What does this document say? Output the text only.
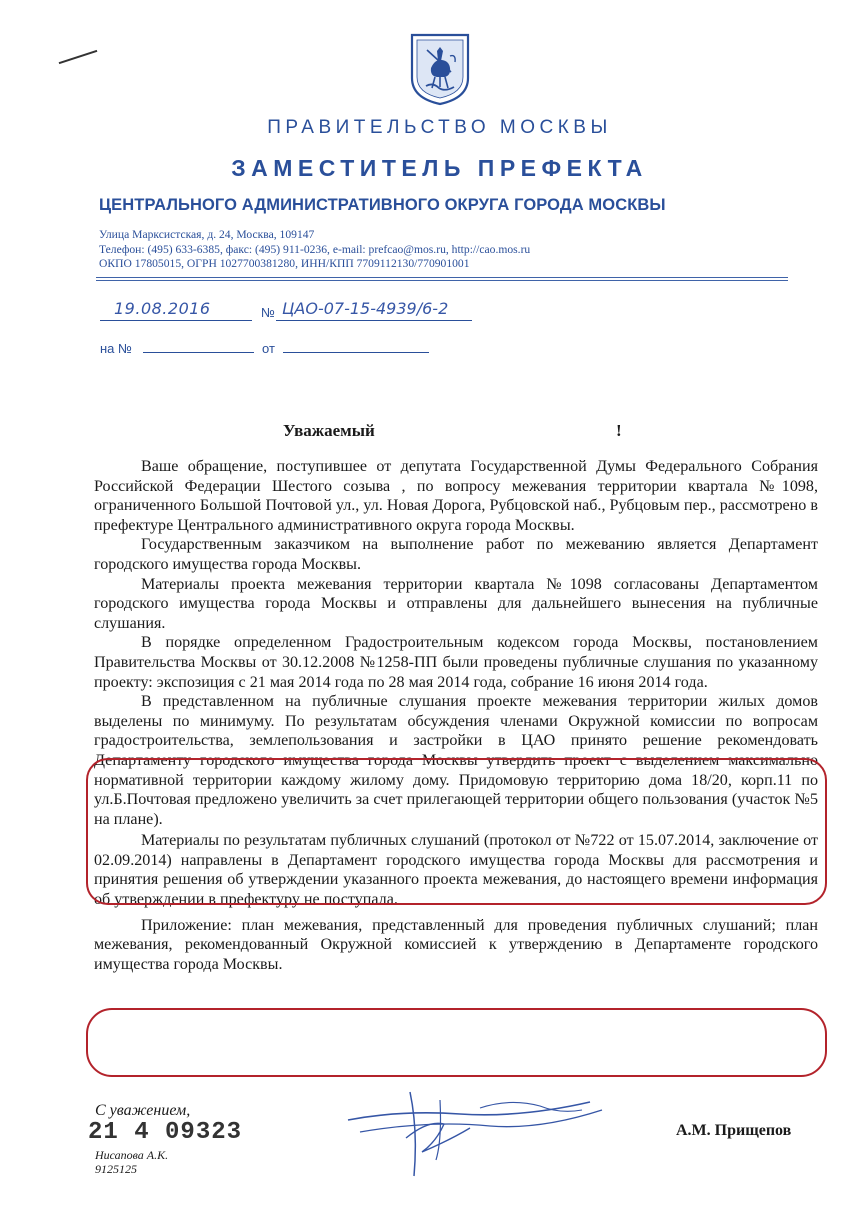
ПРАВИТЕЛЬСТВО МОСКВЫ
ЗАМЕСТИТЕЛЬ ПРЕФЕКТА
ЦЕНТРАЛЬНОГО АДМИНИСТРАТИВНОГО ОКРУГА ГОРОДА МОСКВЫ
Улица Марксистская, д. 24, Москва, 109147
Телефон: (495) 633-6385, факс: (495) 911-0236, e-mail: prefcao@mos.ru, http://cao.mos.ru
ОКПО 17805015, ОГРН 1027700381280, ИНН/КПП 7709112130/770901001
19.08.2016	№ ЦАО-07-15-4939/6-2
на №	от
Уважаемый	!

Ваше обращение, поступившее от депутата Государственной Думы Федерального Собрания Российской Федерации Шестого созыва , по вопросу межевания территории квартала №1098, ограниченного Большой Почтовой ул., ул. Новая Дорога, Рубцовской наб., Рубцовым пер., рассмотрено в префектуре Центрального административного округа города Москвы.

Государственным заказчиком на выполнение работ по межеванию является Департамент городского имущества города Москвы.

Материалы проекта межевания территории квартала №1098 согласованы Департаментом городского имущества города Москвы и отправлены для дальнейшего вынесения на публичные слушания.

В порядке определенном Градостроительным кодексом города Москвы, постановлением Правительства Москвы от 30.12.2008 №1258-ПП были проведены публичные слушания по указанному проекту: экспозиция с 21 мая 2014 года по 28 мая 2014 года, собрание 16 июня 2014 года.

В представленном на публичные слушания проекте межевания территории жилых домов выделены по минимуму. По результатам обсуждения членами Окружной комиссии по вопросам градостроительства, землепользования и застройки в ЦАО принято решение рекомендовать Департаменту городского имущества города Москвы утвердить проект с выделением максимально нормативной территории каждому жилому дому. Придомовую территорию дома 18/20, корп.11 по ул.Б.Почтовая предложено увеличить за счет прилегающей территории общего пользования (участок №5 на плане).

Материалы по результатам публичных слушаний (протокол от №722 от 15.07.2014, заключение от 02.09.2014) направлены в Департамент городского имущества города Москвы для рассмотрения и принятия решения об утверждении указанного проекта межевания, до настоящего времени информация об утверждении в префектуру не поступала.

Приложение: план межевания, представленный для проведения публичных слушаний; план межевания, рекомендованный Окружной комиссией к утверждению в Департаменте городского имущества города Москвы.

С уважением,
21 4 09323
Нисапова А.К.
9125125
А.М. Прищепов
